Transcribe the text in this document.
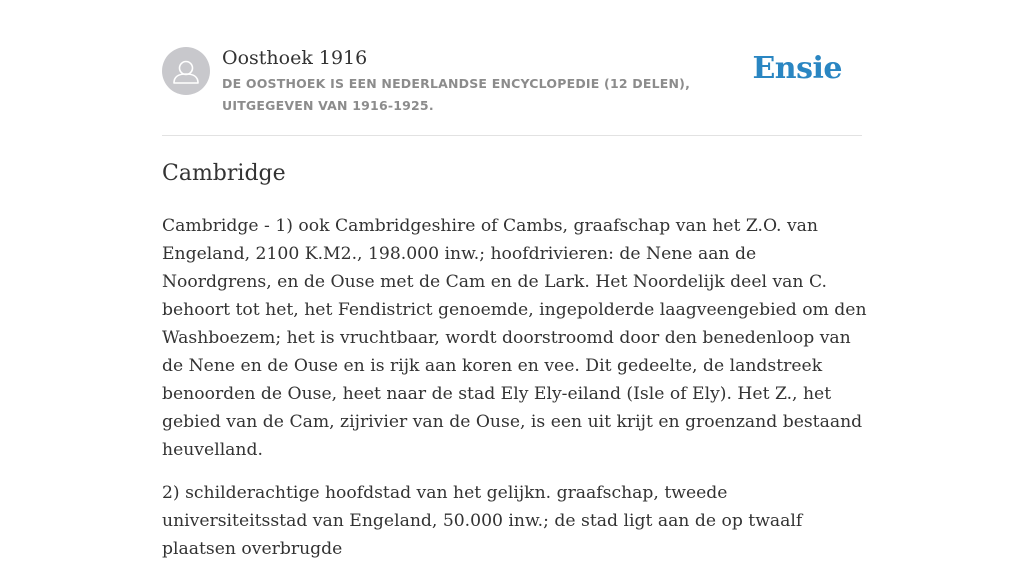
Oosthoek 1916
DE OOSTHOEK IS EEN NEDERLANDSE ENCYCLOPEDIE (12 DELEN), UITGEGEVEN VAN 1916-1925.
Ensie
Cambridge

Cambridge - 1) ook Cambridgeshire of Cambs, graafschap van het Z.O. van Engeland, 2100 K.M2., 198.000 inw.; hoofdrivieren: de Nene aan de Noordgrens, en de Ouse met de Cam en de Lark. Het Noordelijk deel van C. behoort tot het, het Fendistrict genoemde, ingepolderde laagveengebied om den Washboezem; het is vruchtbaar, wordt doorstroomd door den benedenloop van de Nene en de Ouse en is rijk aan koren en vee. Dit gedeelte, de landstreek benoorden de Ouse, heet naar de stad Ely Ely-eiland (Isle of Ely). Het Z., het gebied van de Cam, zijrivier van de Ouse, is een uit krijt en groenzand bestaand heuvelland.

2) schilderachtige hoofdstad van het gelijkn. graafschap, tweede universiteitsstad van Engeland, 50.000 inw.; de stad ligt aan de op twaalf plaatsen overbrugde
